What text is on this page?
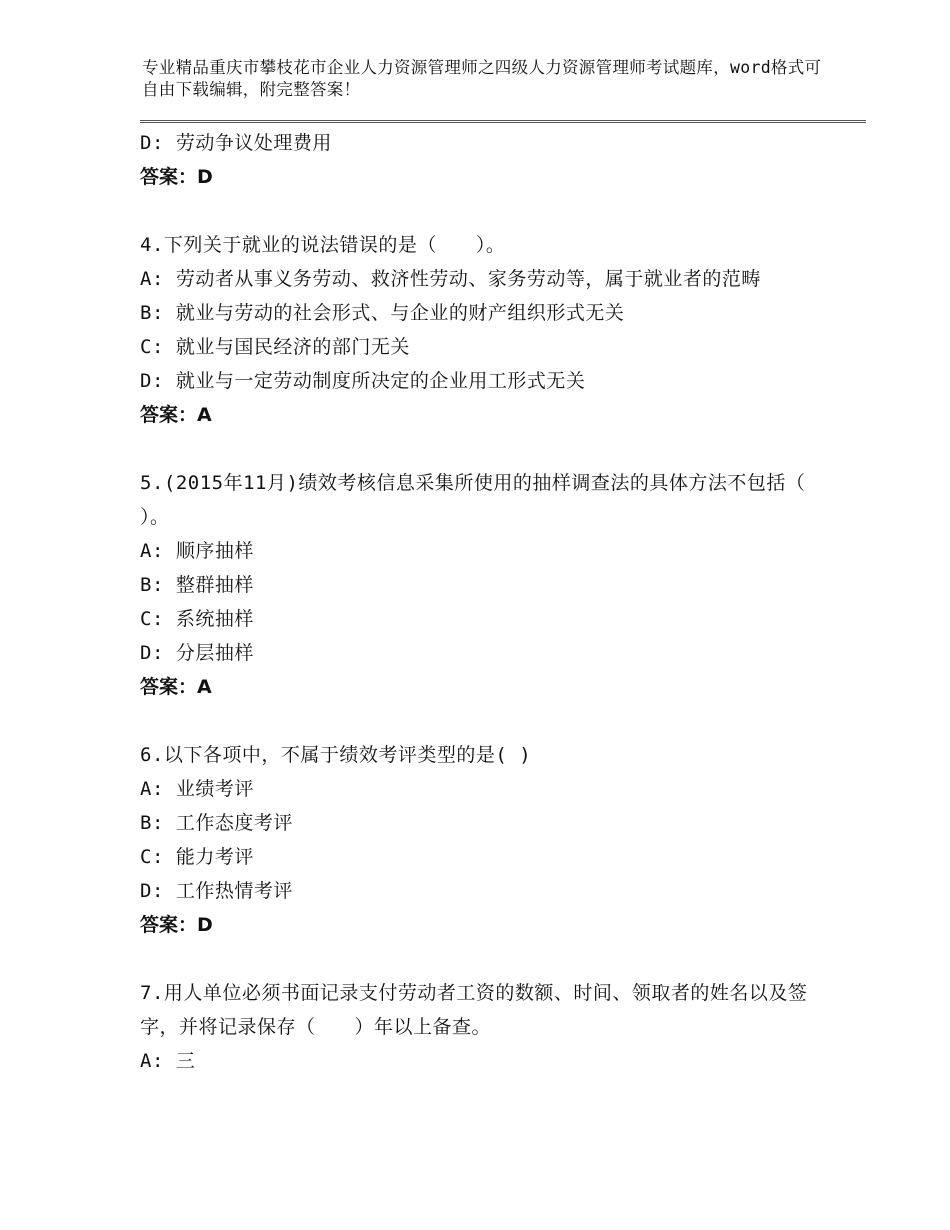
专业精品重庆市攀枝花市企业人力资源管理师之四级人力资源管理师考试题库，word格式可自由下载编辑，附完整答案！
D: 劳动争议处理费用
答案：D
4.下列关于就业的说法错误的是（　　）。
A: 劳动者从事义务劳动、救济性劳动、家务劳动等，属于就业者的范畴
B: 就业与劳动的社会形式、与企业的财产组织形式无关
C: 就业与国民经济的部门无关
D: 就业与一定劳动制度所决定的企业用工形式无关
答案：A
5.(2015年11月)绩效考核信息采集所使用的抽样调查法的具体方法不包括（ ）。
A: 顺序抽样
B: 整群抽样
C: 系统抽样
D: 分层抽样
答案：A
6.以下各项中，不属于绩效考评类型的是( )
A: 业绩考评
B: 工作态度考评
C: 能力考评
D: 工作热情考评
答案：D
7.用人单位必须书面记录支付劳动者工资的数额、时间、领取者的姓名以及签字，并将记录保存（　　）年以上备查。
A: 三
